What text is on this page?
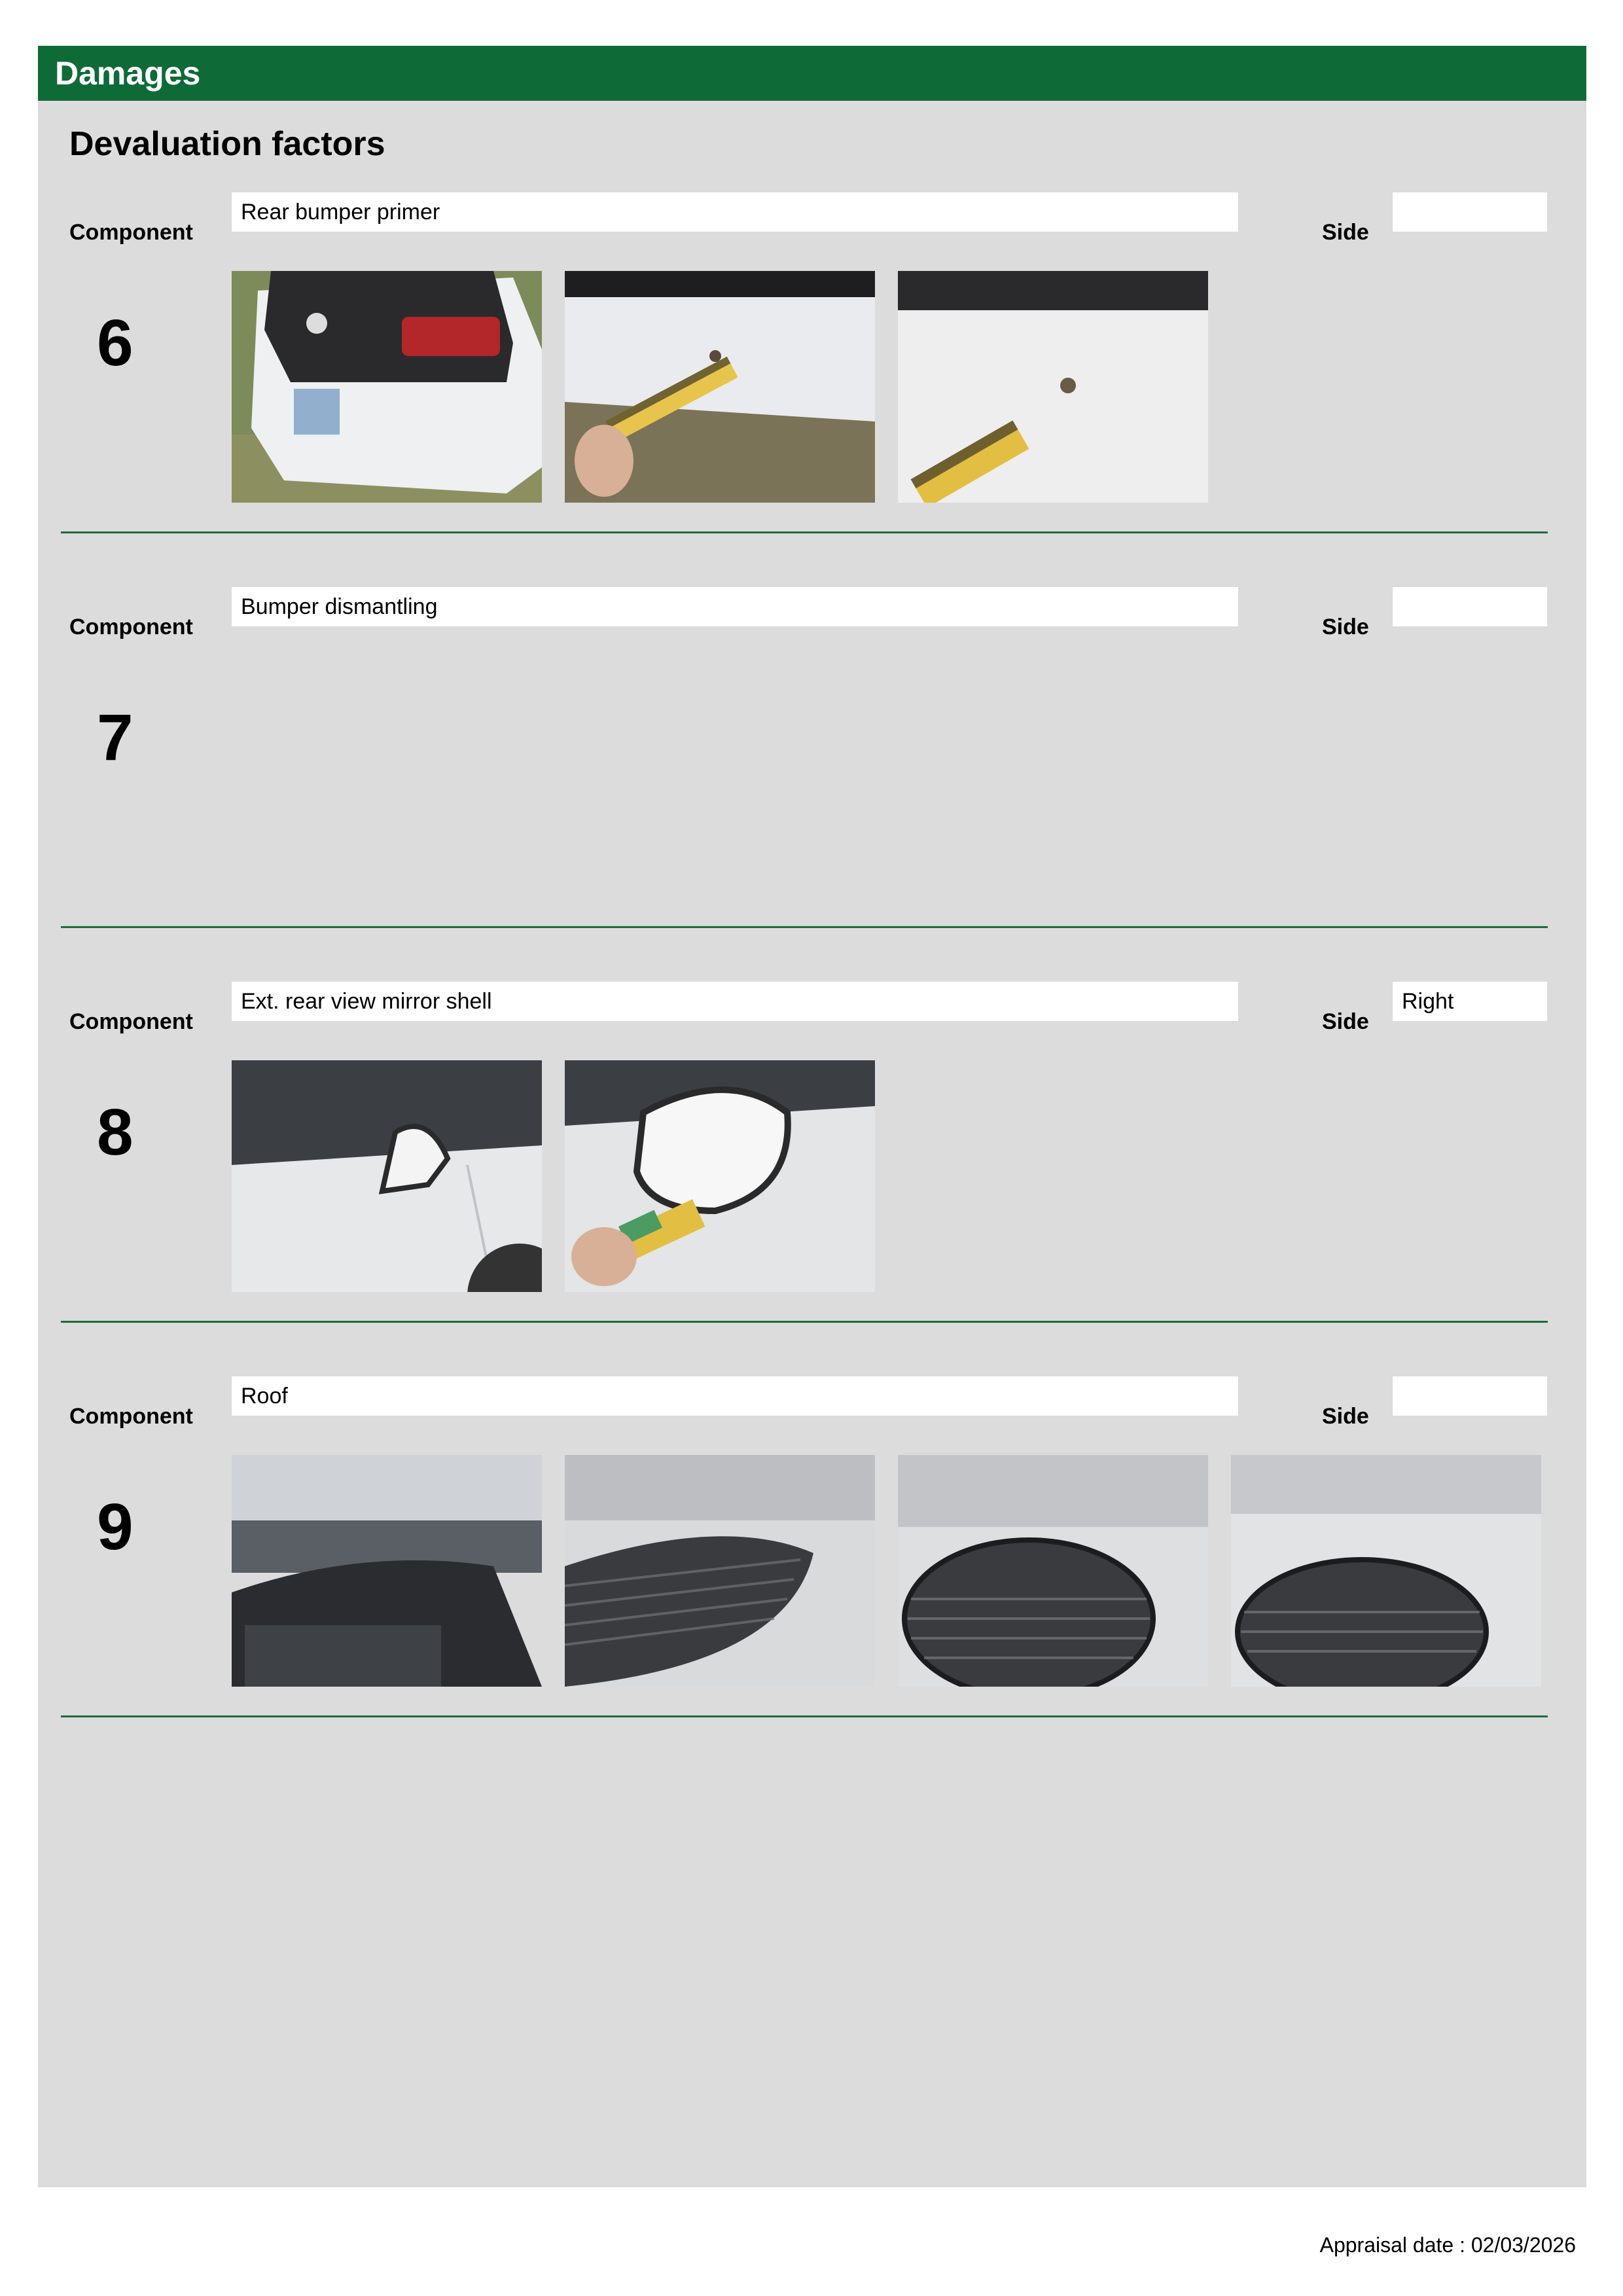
Damages
Devaluation factors
Component
Rear bumper primer
Side
6
Component
Bumper dismantling
Side
7
Component
Ext. rear view mirror shell
Side
Right
8
Component
Roof
Side
9
Appraisal date : 02/03/2026
